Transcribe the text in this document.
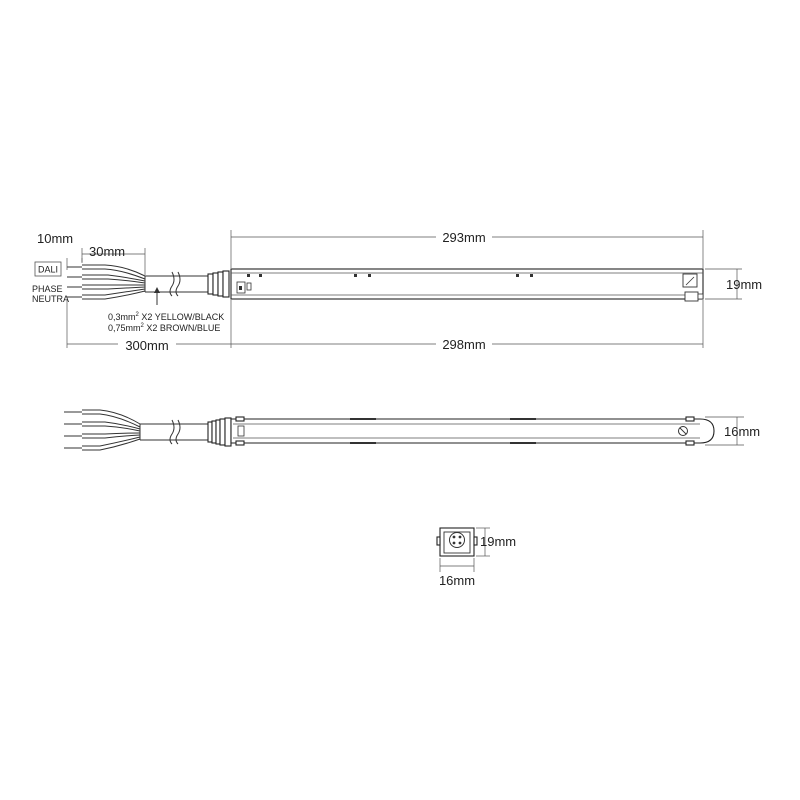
DALI
PHASE
NEUTRA
10mm
30mm
293mm
19mm
300mm	298mm
$0,3mm^2$ X2 YELLOW/BLACK
$0,75mm^2$ X2 BROWN/BLUE
16mm
19mm
16mm
